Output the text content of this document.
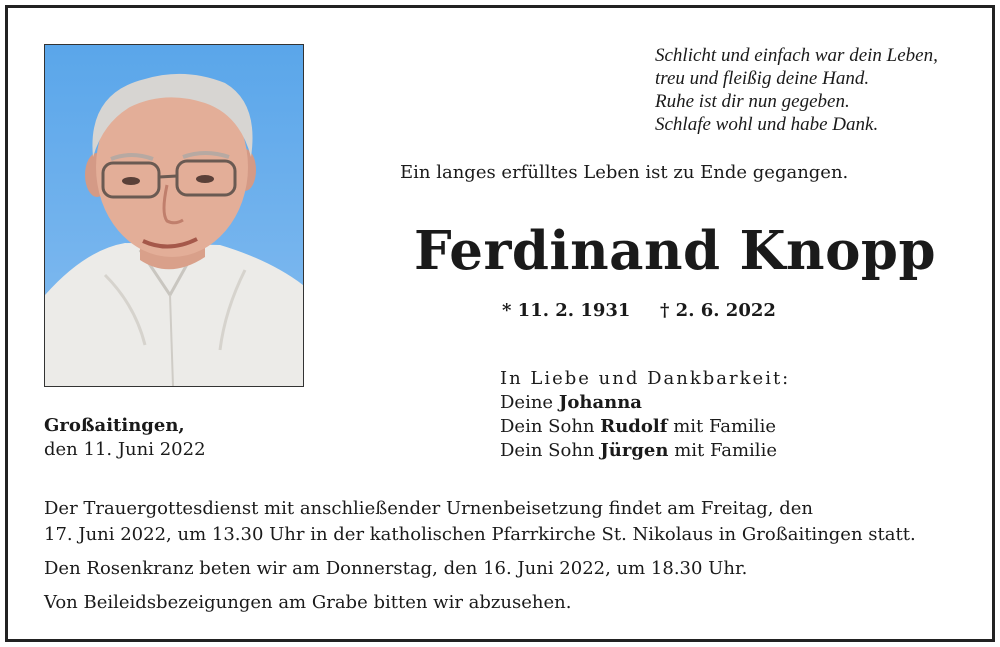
Schlicht und einfach war dein Leben,
treu und fleißig deine Hand.
Ruhe ist dir nun gegeben.
Schlafe wohl und habe Dank.
Ein langes erfülltes Leben ist zu Ende gegangen.
Ferdinand Knopp
* 11. 2. 1931 † 2. 6. 2022
In Liebe und Dankbarkeit:
Deine Johanna
Dein Sohn Rudolf mit Familie
Dein Sohn Jürgen mit Familie
Großaitingen,
den 11. Juni 2022
Der Trauergottesdienst mit anschließender Urnenbeisetzung findet am Freitag, den
17. Juni 2022, um 13.30 Uhr in der katholischen Pfarrkirche St. Nikolaus in Großaitingen statt.
Den Rosenkranz beten wir am Donnerstag, den 16. Juni 2022, um 18.30 Uhr.
Von Beileidsbezeigungen am Grabe bitten wir abzusehen.
